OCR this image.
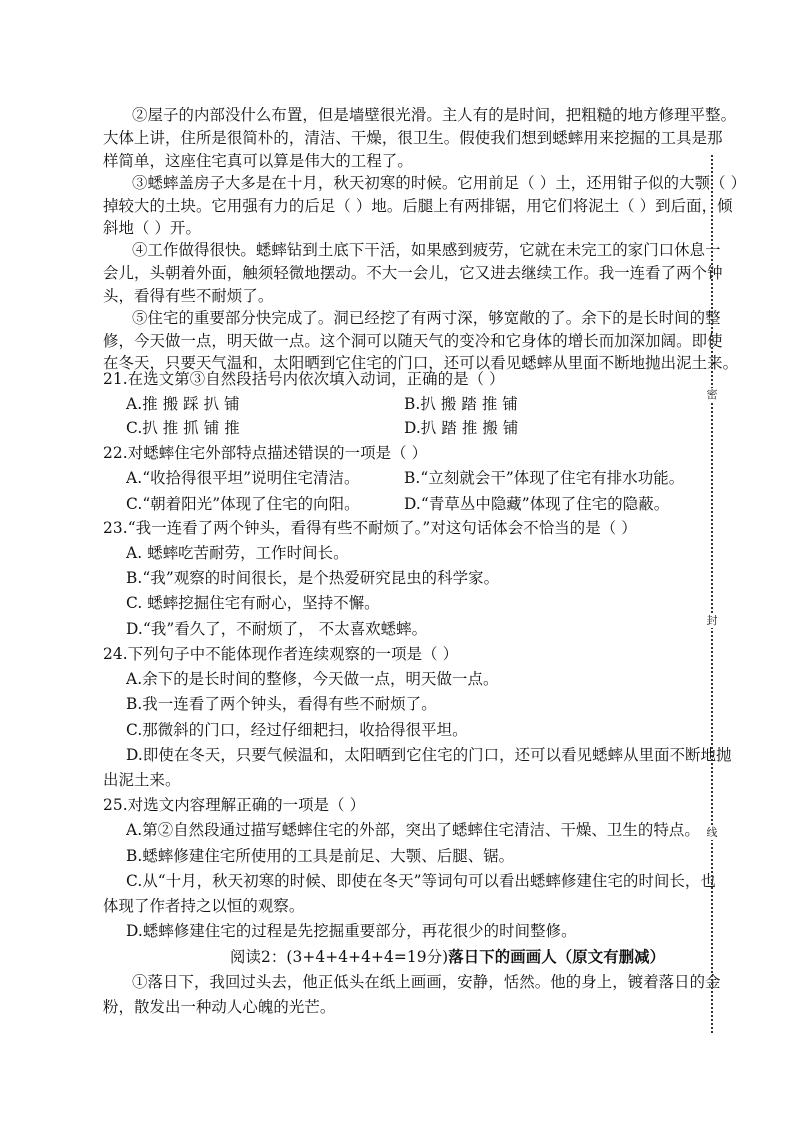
②屋子的内部没什么布置，但是墙壁很光滑。主人有的是时间，把粗糙的地方修理平整。
大体上讲，住所是很简朴的，清洁、干燥，很卫生。假使我们想到蟋蟀用来挖掘的工具是那
样简单，这座住宅真可以算是伟大的工程了。
③蟋蟀盖房子大多是在十月，秋天初寒的时候。它用前足（ ）土，还用钳子似的大颚（ ）
掉较大的土块。它用强有力的后足（ ）地。后腿上有两排锯，用它们将泥土（ ）到后面，倾
斜地（ ）开。
④工作做得很快。蟋蟀钻到土底下干活，如果感到疲劳，它就在未完工的家门口休息一
会儿，头朝着外面，触须轻微地摆动。不大一会儿，它又进去继续工作。我一连看了两个钟
头，看得有些不耐烦了。
⑤住宅的重要部分快完成了。洞已经挖了有两寸深，够宽敞的了。余下的是长时间的整
修，今天做一点，明天做一点。这个洞可以随天气的变冷和它身体的增长而加深加阔。即使
在冬天，只要天气温和，太阳晒到它住宅的门口，还可以看见蟋蟀从里面不断地抛出泥土来。
21.在选文第③自然段括号内依次填入动词，正确的是（ ）
A.推 搬 踩 扒 铺	B.扒 搬 踏 推 铺
C.扒 推 抓 铺 推	D.扒 踏 推 搬 铺
22.对蟋蟀住宅外部特点描述错误的一项是（ ）
A.“收拾得很平坦”说明住宅清洁。	B.“立刻就会干”体现了住宅有排水功能。
C.“朝着阳光”体现了住宅的向阳。	D.“青草丛中隐藏”体现了住宅的隐蔽。
23.“我一连看了两个钟头，看得有些不耐烦了。”对这句话体会不恰当的是（ ）
A. 蟋蟀吃苦耐劳，工作时间长。
B.“我”观察的时间很长，是个热爱研究昆虫的科学家。
C. 蟋蟀挖掘住宅有耐心，坚持不懈。
D.“我”看久了，不耐烦了， 不太喜欢蟋蟀。
24.下列句子中不能体现作者连续观察的一项是（ ）
A.余下的是长时间的整修，今天做一点，明天做一点。
B.我一连看了两个钟头，看得有些不耐烦了。
C.那微斜的门口，经过仔细耙扫，收拾得很平坦。
D.即使在冬天，只要气候温和，太阳晒到它住宅的门口，还可以看见蟋蟀从里面不断地抛
出泥土来。
25.对选文内容理解正确的一项是（ ）
A.第②自然段通过描写蟋蟀住宅的外部，突出了蟋蟀住宅清洁、干燥、卫生的特点。
B.蟋蟀修建住宅所使用的工具是前足、大颚、后腿、锯。
C.从“十月，秋天初寒的时候、即使在冬天”等词句可以看出蟋蟀修建住宅的时间长，也
体现了作者持之以恒的观察。
D.蟋蟀修建住宅的过程是先挖掘重要部分，再花很少的时间整修。
阅读2：(3+4+4+4+4=19分)落日下的画画人（原文有删减）
①落日下，我回过头去，他正低头在纸上画画，安静，恬然。他的身上，镀着落日的金
粉，散发出一种动人心魄的光芒。
密
封
线
